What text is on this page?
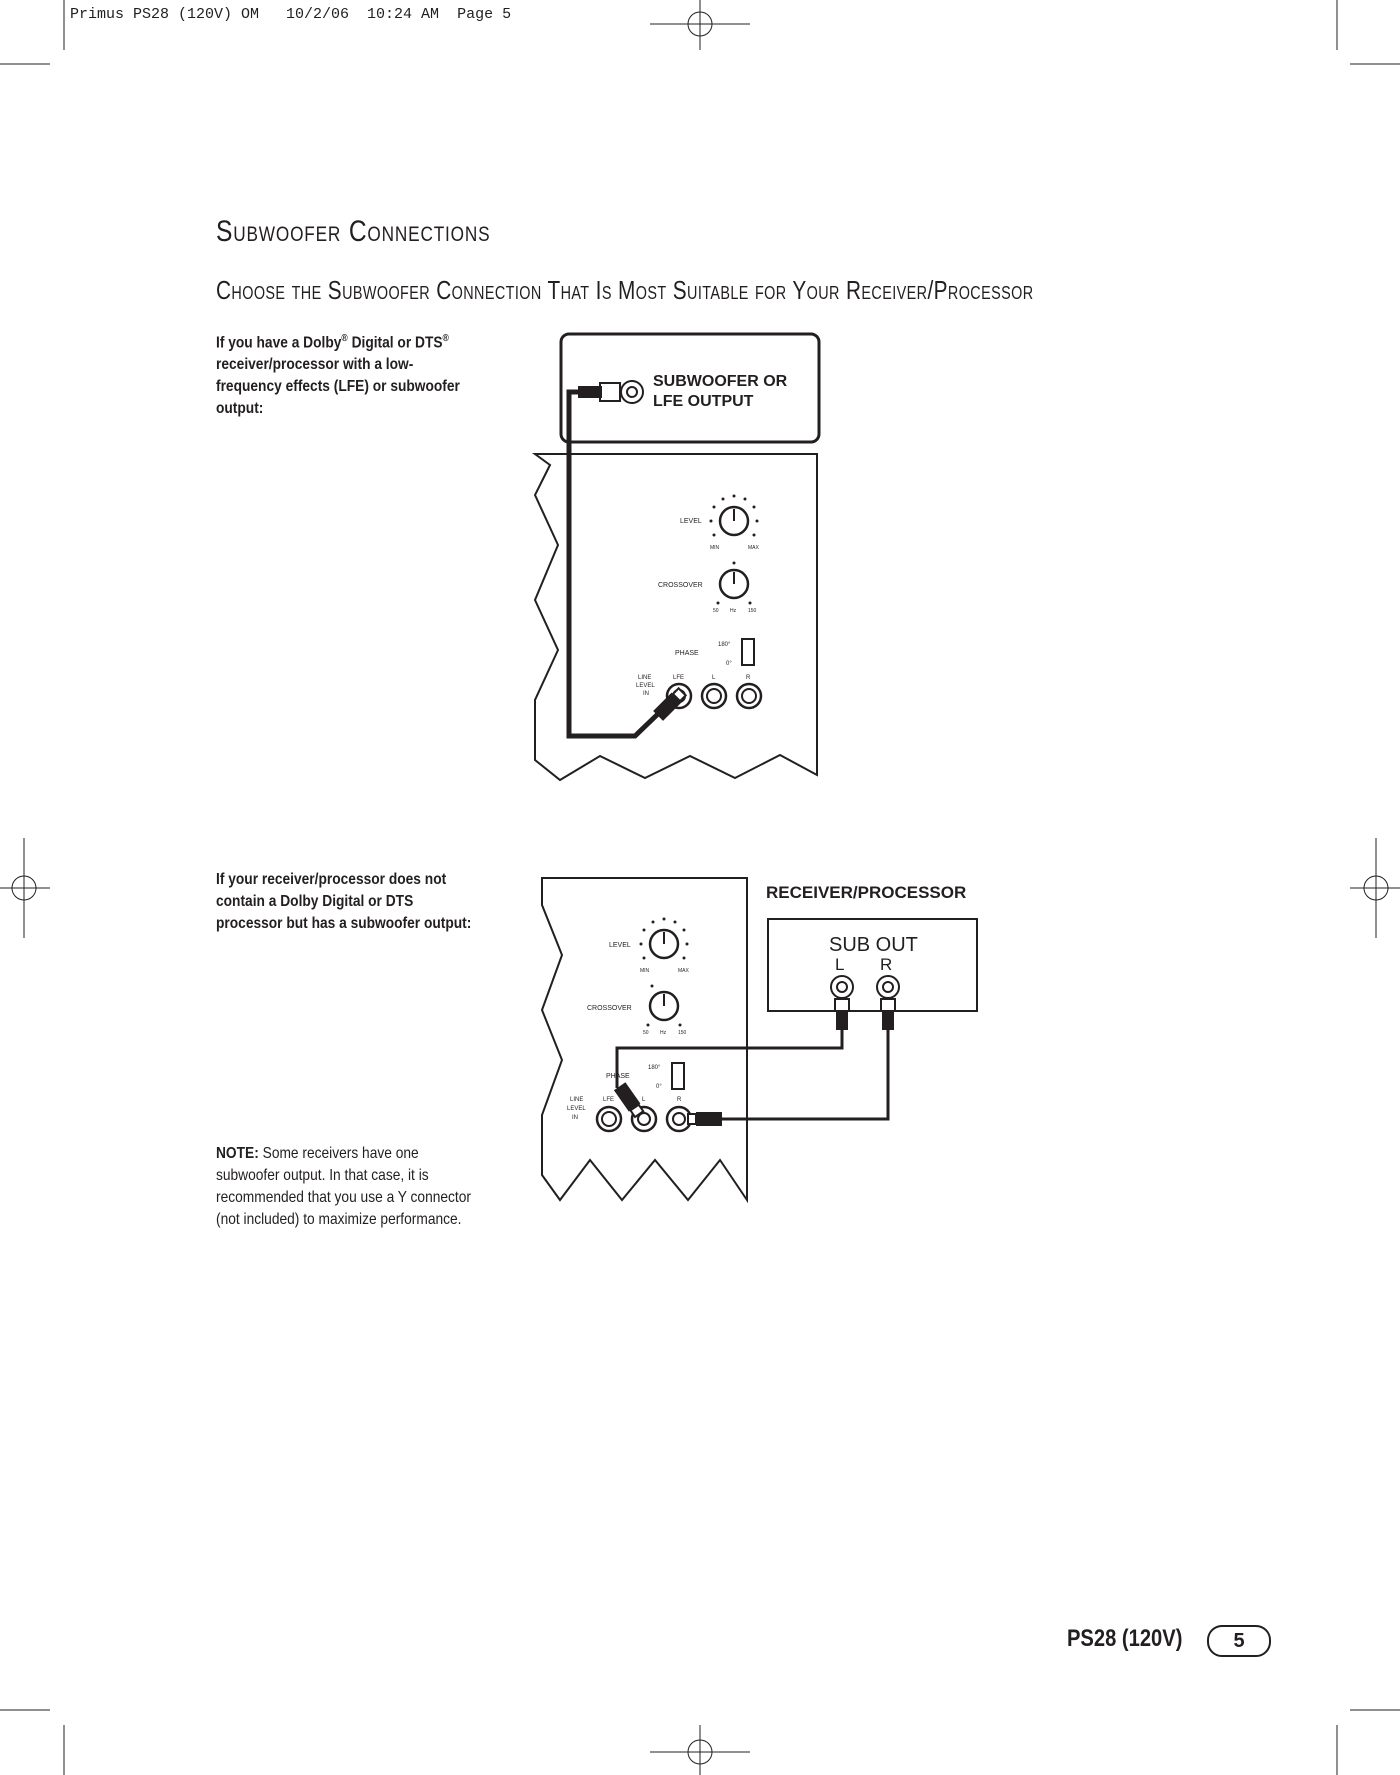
Primus PS28 (120V) OM   10/2/06  10:24 AM  Page 5
SUBWOOFER OR
LFE OUTPUT
LEVEL
MIN	MAX
CROSSOVER
50 Hz 150
PHASE
180°
0°
LINE
LEVEL
IN
LFE	L	R
RECEIVER/PROCESSOR
SUB OUT
L R
LEVEL
MIN	MAX
CROSSOVER
50 Hz 150
PHASE
180°
0°
LINE
LEVEL
IN
LFE	L	R
Subwoofer Connections
Choose the Subwoofer Connection That Is Most Suitable for Your Receiver/Processor
If you have a Dolby® Digital or DTS® receiver/processor with a low-frequency effects (LFE) or subwoofer output:
If your receiver/processor does not contain a Dolby Digital or DTS processor but has a subwoofer output:
NOTE: Some receivers have one subwoofer output. In that case, it is recommended that you use a Y connector (not included) to maximize performance.
PS28 (120V)	5
